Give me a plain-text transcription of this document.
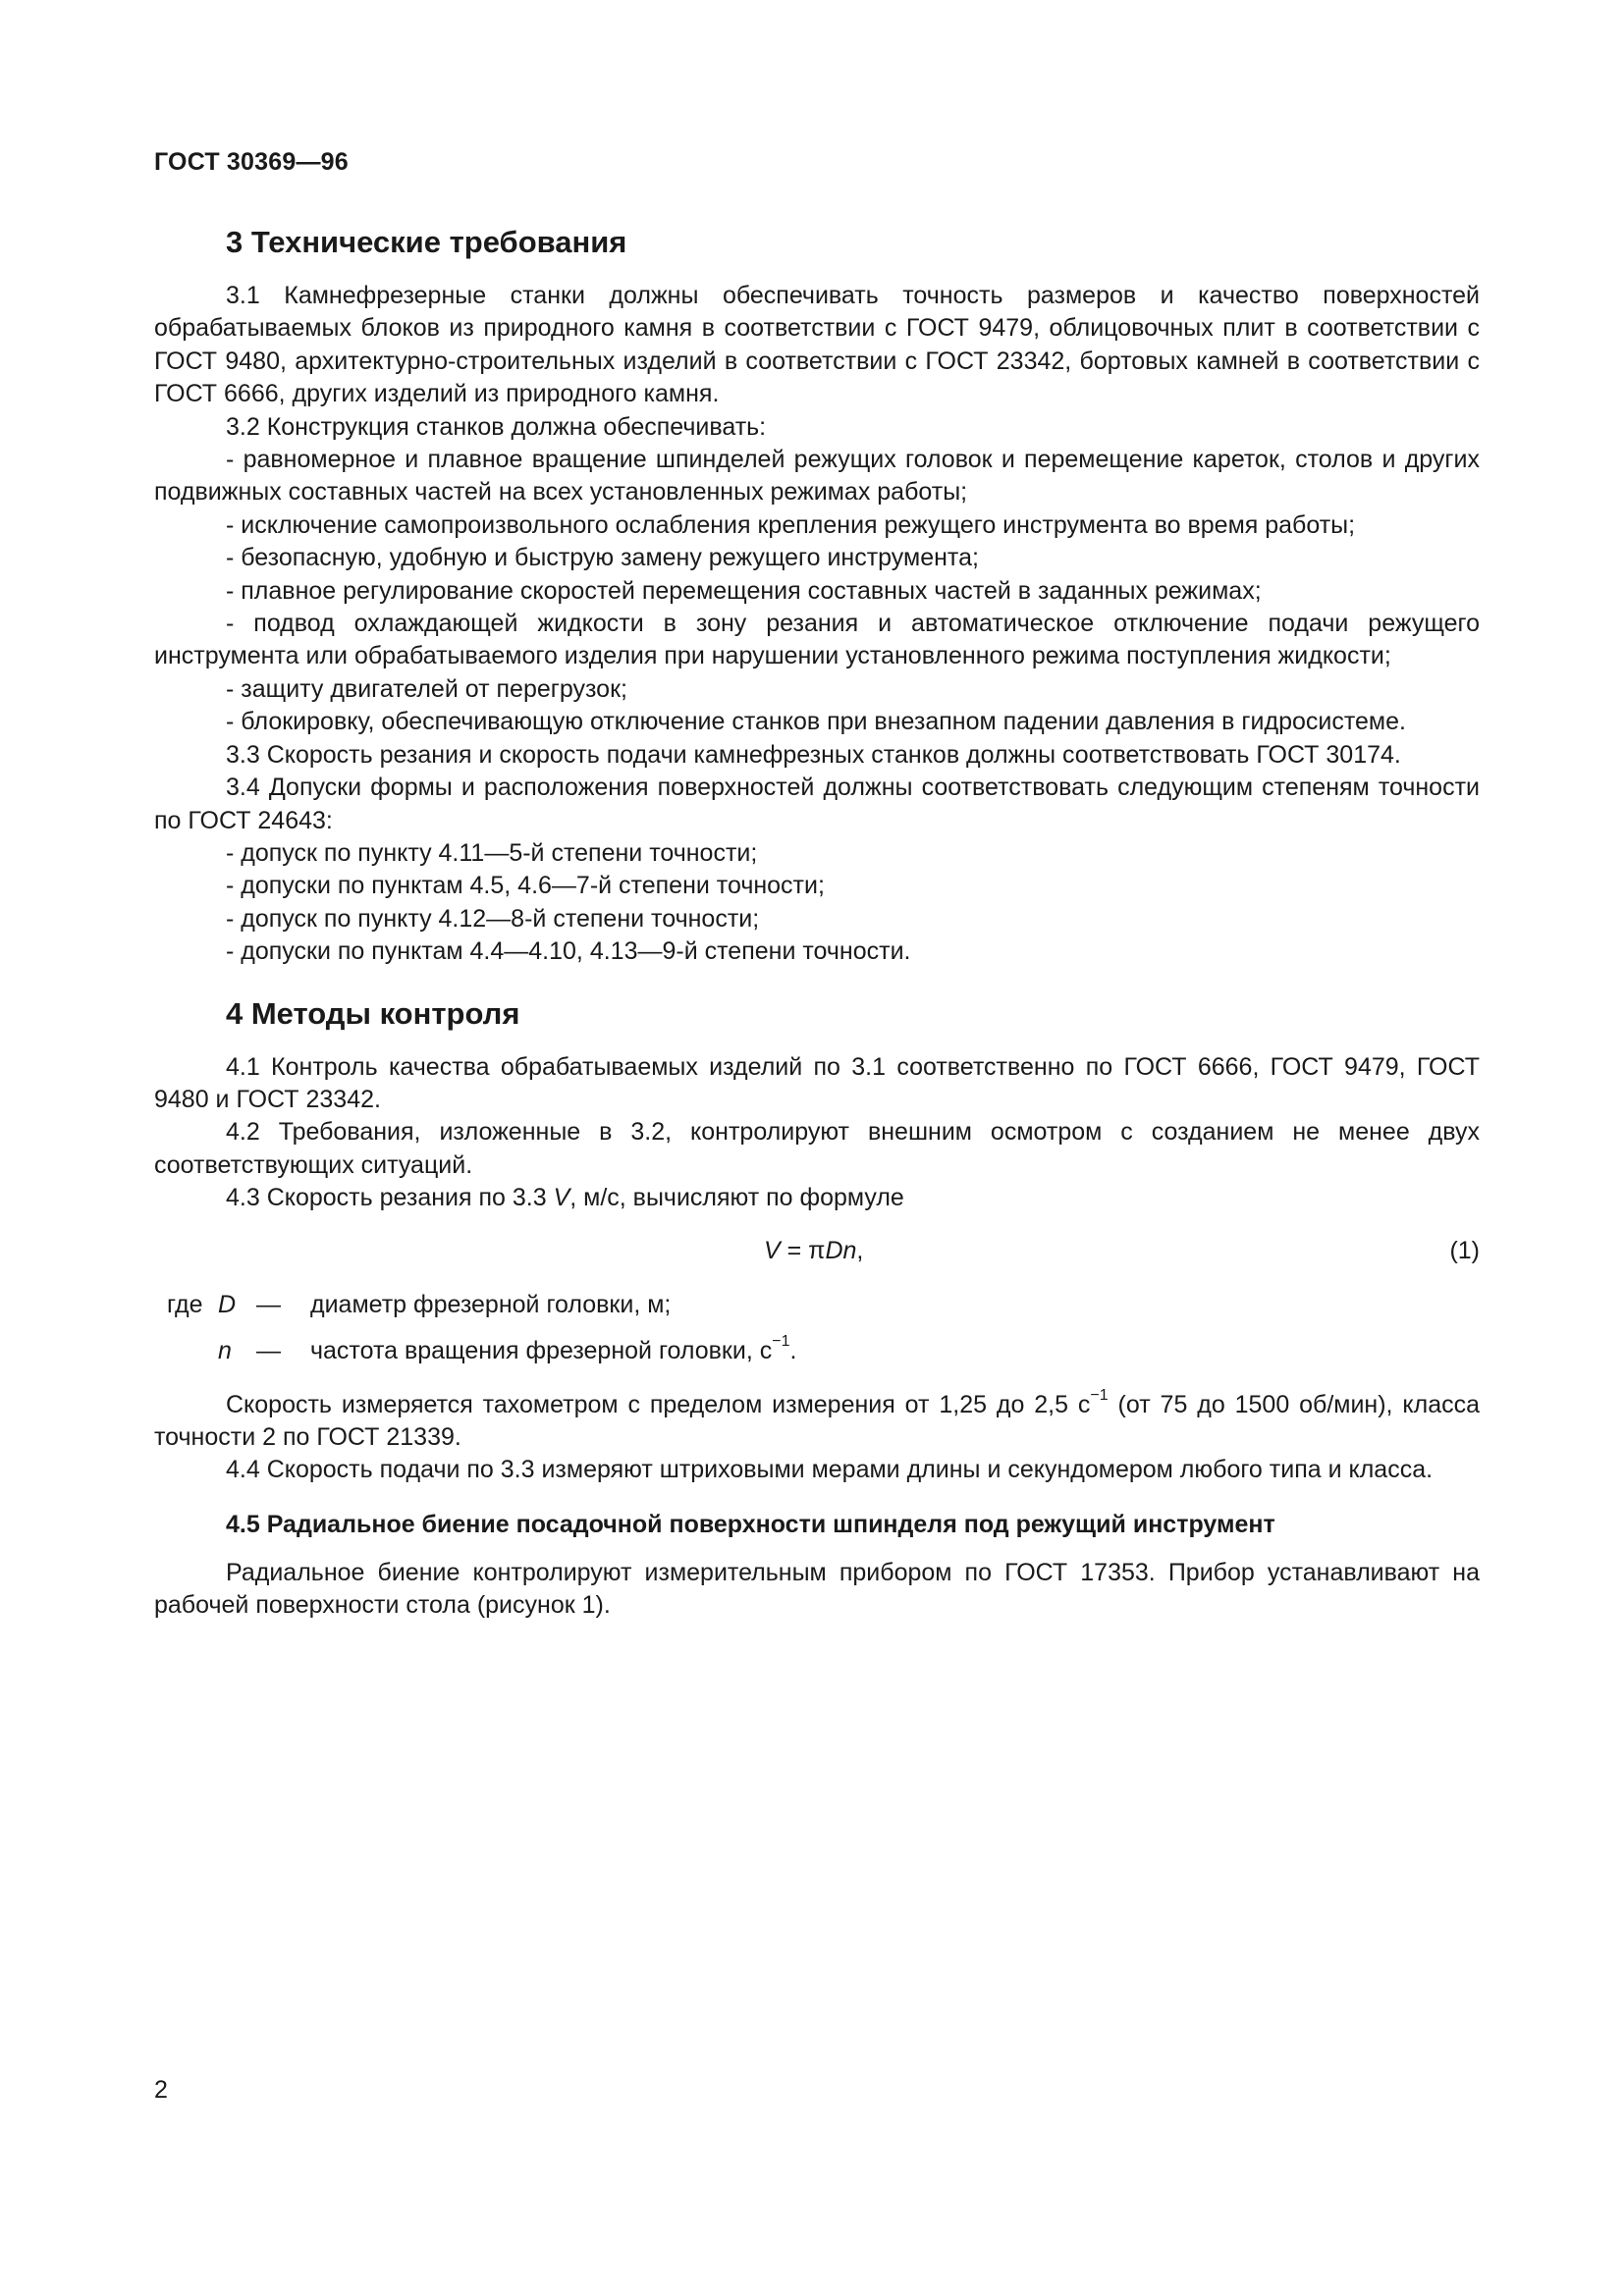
ГОСТ 30369—96
3 Технические требования

3.1 Камнефрезерные станки должны обеспечивать точность размеров и качество поверхностей обрабатываемых блоков из природного камня в соответствии с ГОСТ 9479, облицовочных плит в соответствии с ГОСТ 9480, архитектурно-строительных изделий в соответствии с ГОСТ 23342, бортовых камней в соответствии с ГОСТ 6666, других изделий из природного камня.

3.2 Конструкция станков должна обеспечивать:

- равномерное и плавное вращение шпинделей режущих головок и перемещение кареток, столов и других подвижных составных частей на всех установленных режимах работы;

- исключение самопроизвольного ослабления крепления режущего инструмента во время работы;

- безопасную, удобную и быструю замену режущего инструмента;

- плавное регулирование скоростей перемещения составных частей в заданных режимах;

- подвод охлаждающей жидкости в зону резания и автоматическое отключение подачи режущего инструмента или обрабатываемого изделия при нарушении установленного режима поступления жидкости;

- защиту двигателей от перегрузок;

- блокировку, обеспечивающую отключение станков при внезапном падении давления в гидросистеме.

3.3 Скорость резания и скорость подачи камнефрезных станков должны соответствовать ГОСТ 30174.

3.4 Допуски формы и расположения поверхностей должны соответствовать следующим степеням точности по ГОСТ 24643:

- допуск по пункту 4.11—5-й степени точности;

- допуски по пунктам 4.5, 4.6—7-й степени точности;

- допуск по пункту 4.12—8-й степени точности;

- допуски по пунктам 4.4—4.10, 4.13—9-й степени точности.

4 Методы контроля

4.1 Контроль качества обрабатываемых изделий по 3.1 соответственно по ГОСТ 6666, ГОСТ 9479, ГОСТ 9480 и ГОСТ 23342.

4.2 Требования, изложенные в 3.2, контролируют внешним осмотром с созданием не менее двух соответствующих ситуаций.

4.3 Скорость резания по 3.3 V, м/с, вычисляют по формуле

V = πDn,	(1)
где D — диаметр фрезерной головки, м;
n — частота вращения фрезерной головки, $с^{-1}$.

Скорость измеряется тахометром с пределом измерения от 1,25 до 2,5 $с^{-1}$ (от 75 до 1500 об/мин), класса точности 2 по ГОСТ 21339.

4.4 Скорость подачи по 3.3 измеряют штриховыми мерами длины и секундомером любого типа и класса.

4.5 Радиальное биение посадочной поверхности шпинделя под режущий инструмент

Радиальное биение контролируют измерительным прибором по ГОСТ 17353. Прибор устанавливают на рабочей поверхности стола (рисунок 1).

2
